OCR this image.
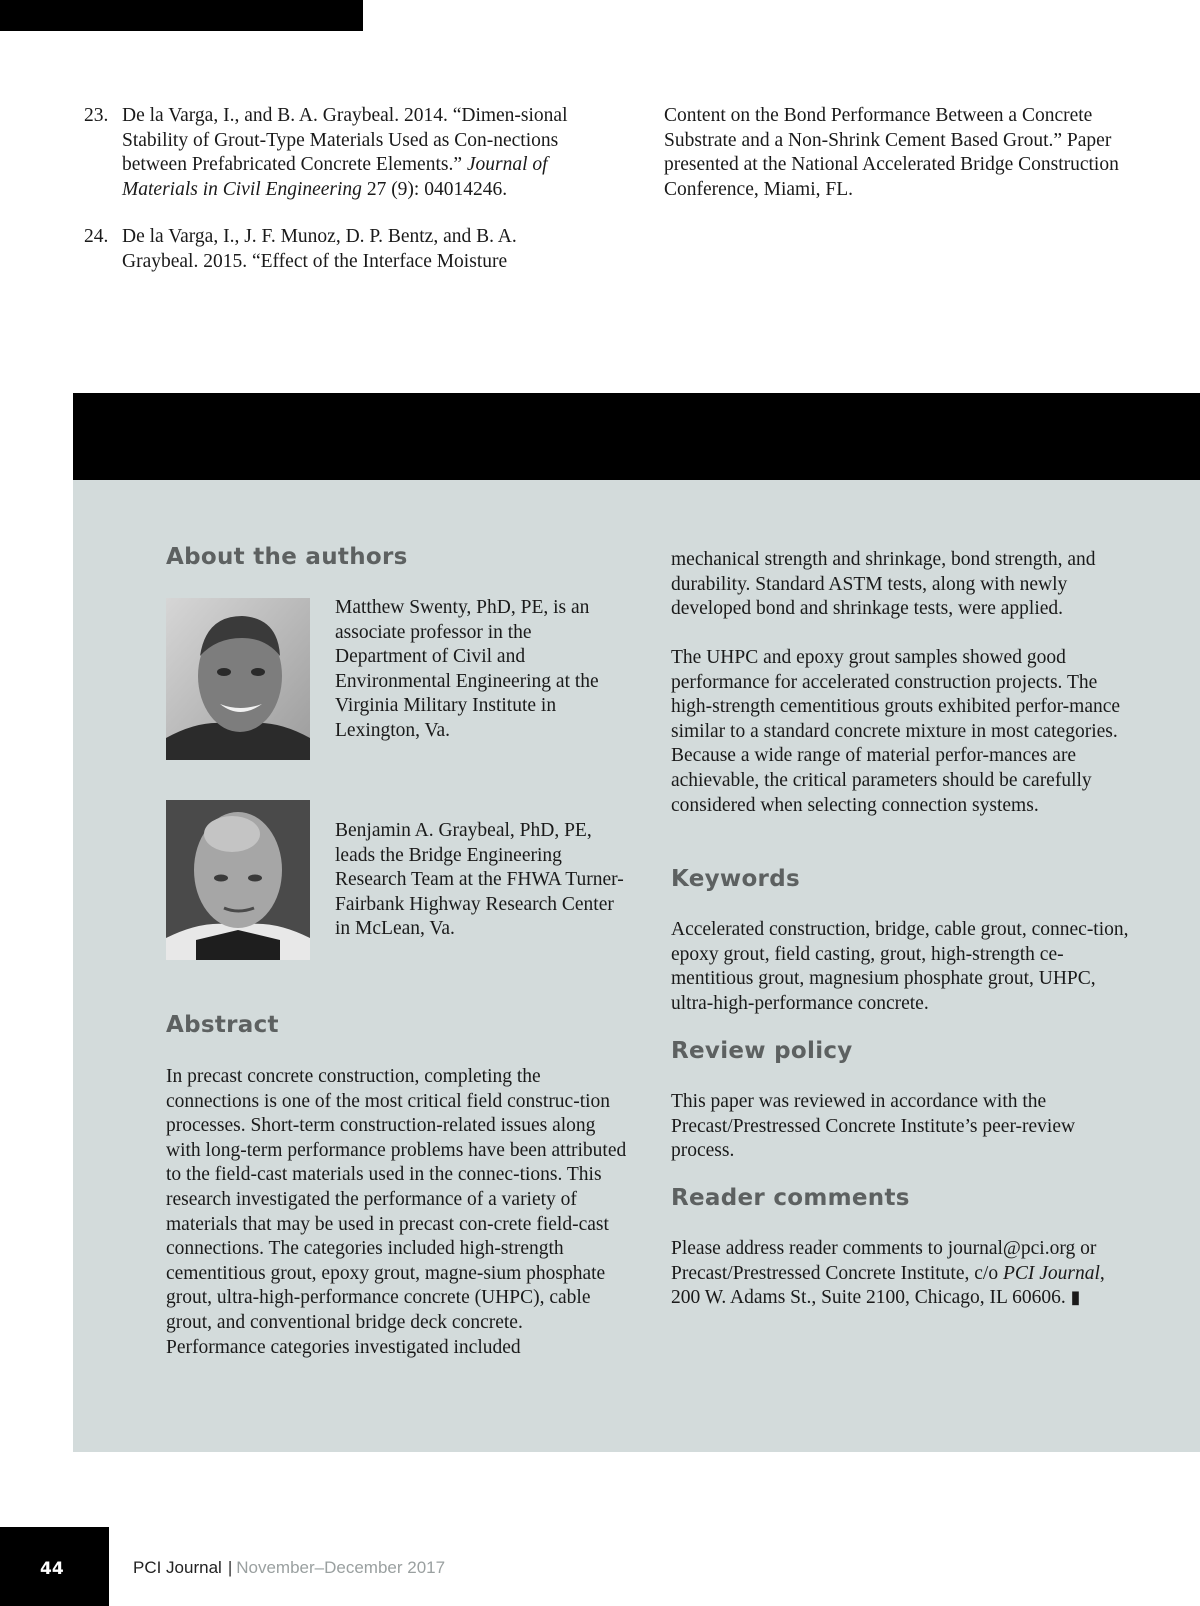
23. De la Varga, I., and B. A. Graybeal. 2014. “Dimen-sional Stability of Grout-Type Materials Used as Con-nections between Prefabricated Concrete Elements.” Journal of Materials in Civil Engineering 27 (9): 04014246.
24. De la Varga, I., J. F. Munoz, D. P. Bentz, and B. A. Graybeal. 2015. “Effect of the Interface Moisture

Content on the Bond Performance Between a Concrete Substrate and a Non-Shrink Cement Based Grout.” Paper presented at the National Accelerated Bridge Construction Conference, Miami, FL.

About the authors

Matthew Swenty, PhD, PE, is an associate professor in the Department of Civil and Environmental Engineering at the Virginia Military Institute in Lexington, Va.

Benjamin A. Graybeal, PhD, PE, leads the Bridge Engineering Research Team at the FHWA Turner-Fairbank Highway Research Center in McLean, Va.

Abstract

In precast concrete construction, completing the connections is one of the most critical field construc-tion processes. Short-term construction-related issues along with long-term performance problems have been attributed to the field-cast materials used in the connec-tions. This research investigated the performance of a variety of materials that may be used in precast con-crete field-cast connections. The categories included high-strength cementitious grout, epoxy grout, magne-sium phosphate grout, ultra-high-performance concrete (UHPC), cable grout, and conventional bridge deck concrete. Performance categories investigated included

mechanical strength and shrinkage, bond strength, and durability. Standard ASTM tests, along with newly developed bond and shrinkage tests, were applied.

The UHPC and epoxy grout samples showed good performance for accelerated construction projects. The high-strength cementitious grouts exhibited perfor-mance similar to a standard concrete mixture in most categories. Because a wide range of material perfor-mances are achievable, the critical parameters should be carefully considered when selecting connection systems.

Keywords

Accelerated construction, bridge, cable grout, connec-tion, epoxy grout, field casting, grout, high-strength ce-mentitious grout, magnesium phosphate grout, UHPC, ultra-high-performance concrete.

Review policy

This paper was reviewed in accordance with the Precast/Prestressed Concrete Institute’s peer-review process.

Reader comments

Please address reader comments to journal@pci.org or Precast/Prestressed Concrete Institute, c/o PCI Journal, 200 W. Adams St., Suite 2100, Chicago, IL 60606. ▮

44	PCI Journal | November–December 2017
